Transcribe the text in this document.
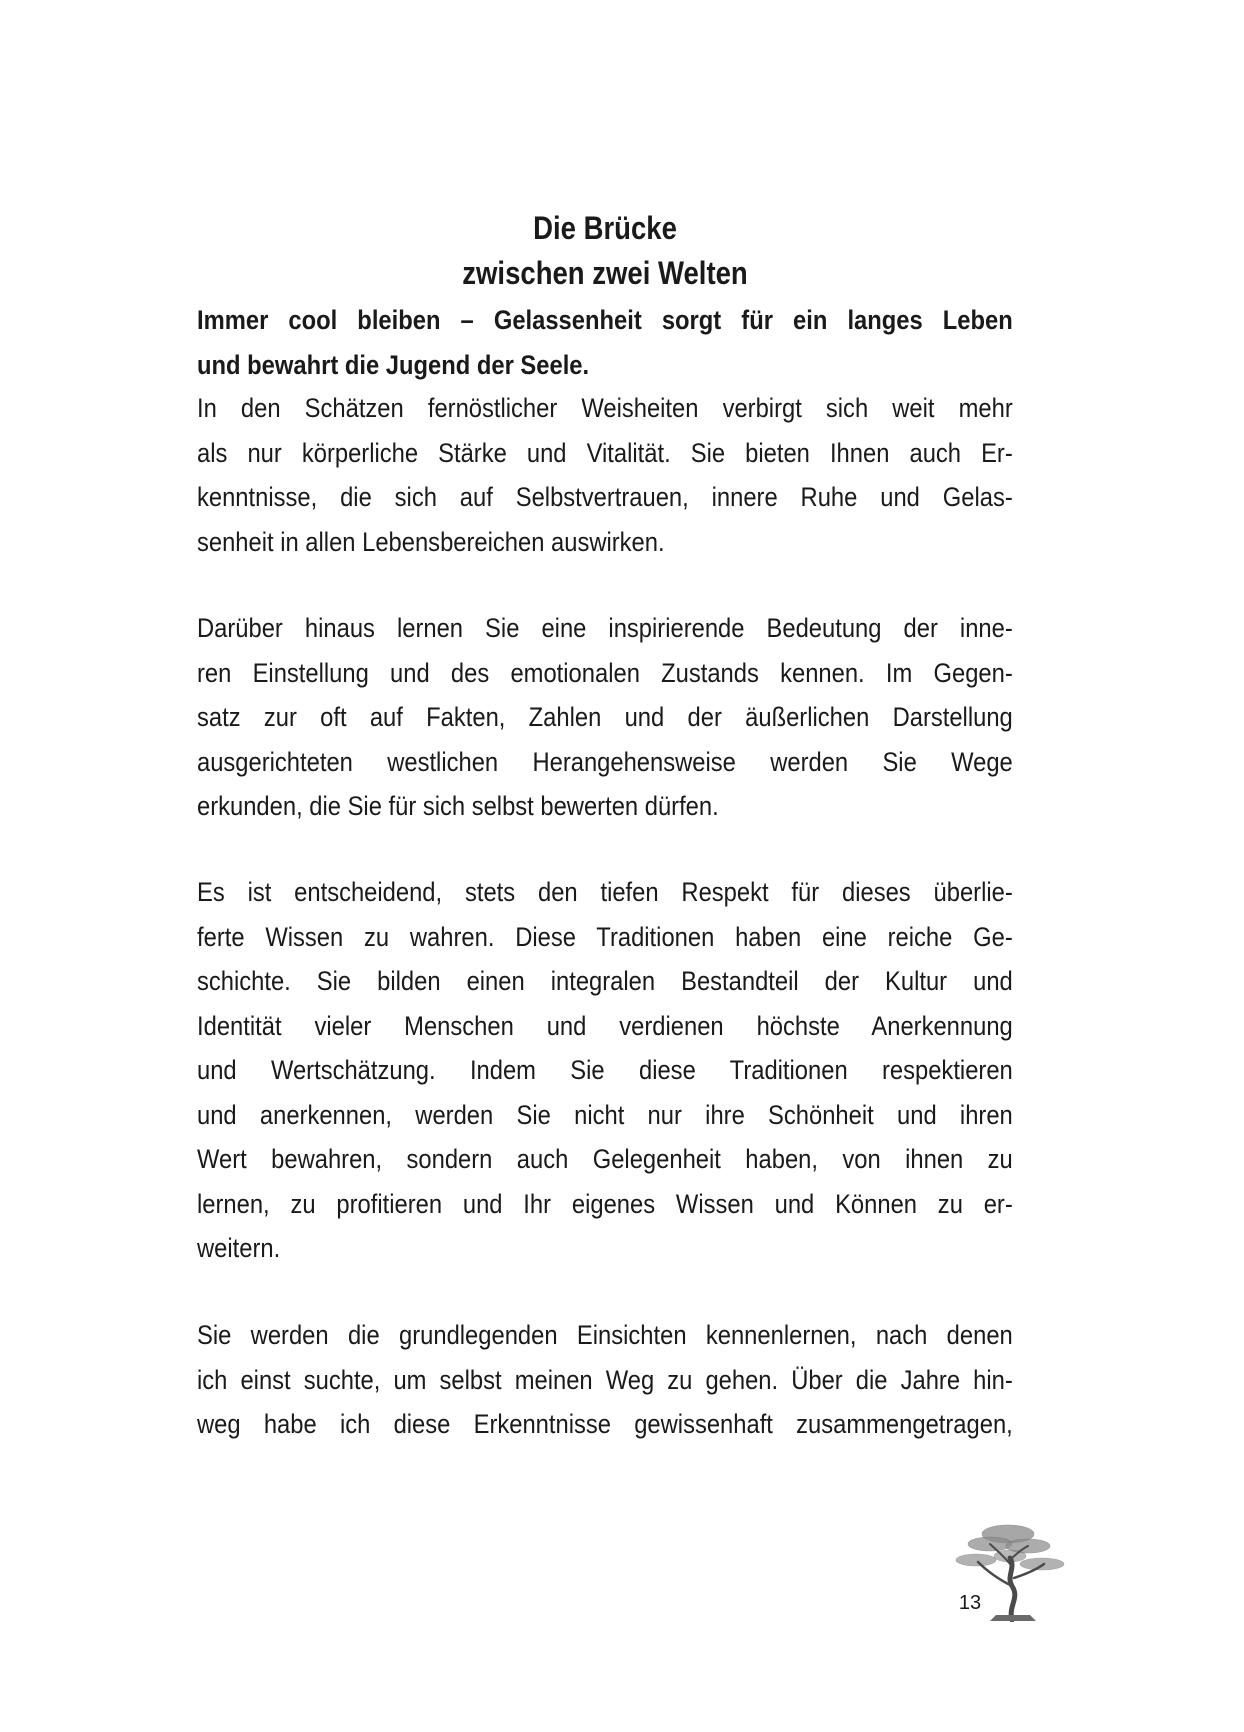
Die Brücke
zwischen zwei Welten
Immer cool bleiben – Gelassenheit sorgt für ein langes Leben
und bewahrt die Jugend der Seele.
In den Schätzen fernöstlicher Weisheiten verbirgt sich weit mehr
als nur körperliche Stärke und Vitalität. Sie bieten Ihnen auch Er-
kenntnisse, die sich auf Selbstvertrauen, innere Ruhe und Gelas-
senheit in allen Lebensbereichen auswirken.
Darüber hinaus lernen Sie eine inspirierende Bedeutung der inne-
ren Einstellung und des emotionalen Zustands kennen. Im Gegen-
satz zur oft auf Fakten, Zahlen und der äußerlichen Darstellung
ausgerichteten westlichen Herangehensweise werden Sie Wege
erkunden, die Sie für sich selbst bewerten dürfen.
Es ist entscheidend, stets den tiefen Respekt für dieses überlie-
ferte Wissen zu wahren. Diese Traditionen haben eine reiche Ge-
schichte. Sie bilden einen integralen Bestandteil der Kultur und
Identität vieler Menschen und verdienen höchste Anerkennung
und Wertschätzung. Indem Sie diese Traditionen respektieren
und anerkennen, werden Sie nicht nur ihre Schönheit und ihren
Wert bewahren, sondern auch Gelegenheit haben, von ihnen zu
lernen, zu profitieren und Ihr eigenes Wissen und Können zu er-
weitern.
Sie werden die grundlegenden Einsichten kennenlernen, nach denen
ich einst suchte, um selbst meinen Weg zu gehen. Über die Jahre hin-
weg habe ich diese Erkenntnisse gewissenhaft zusammengetragen,
13
